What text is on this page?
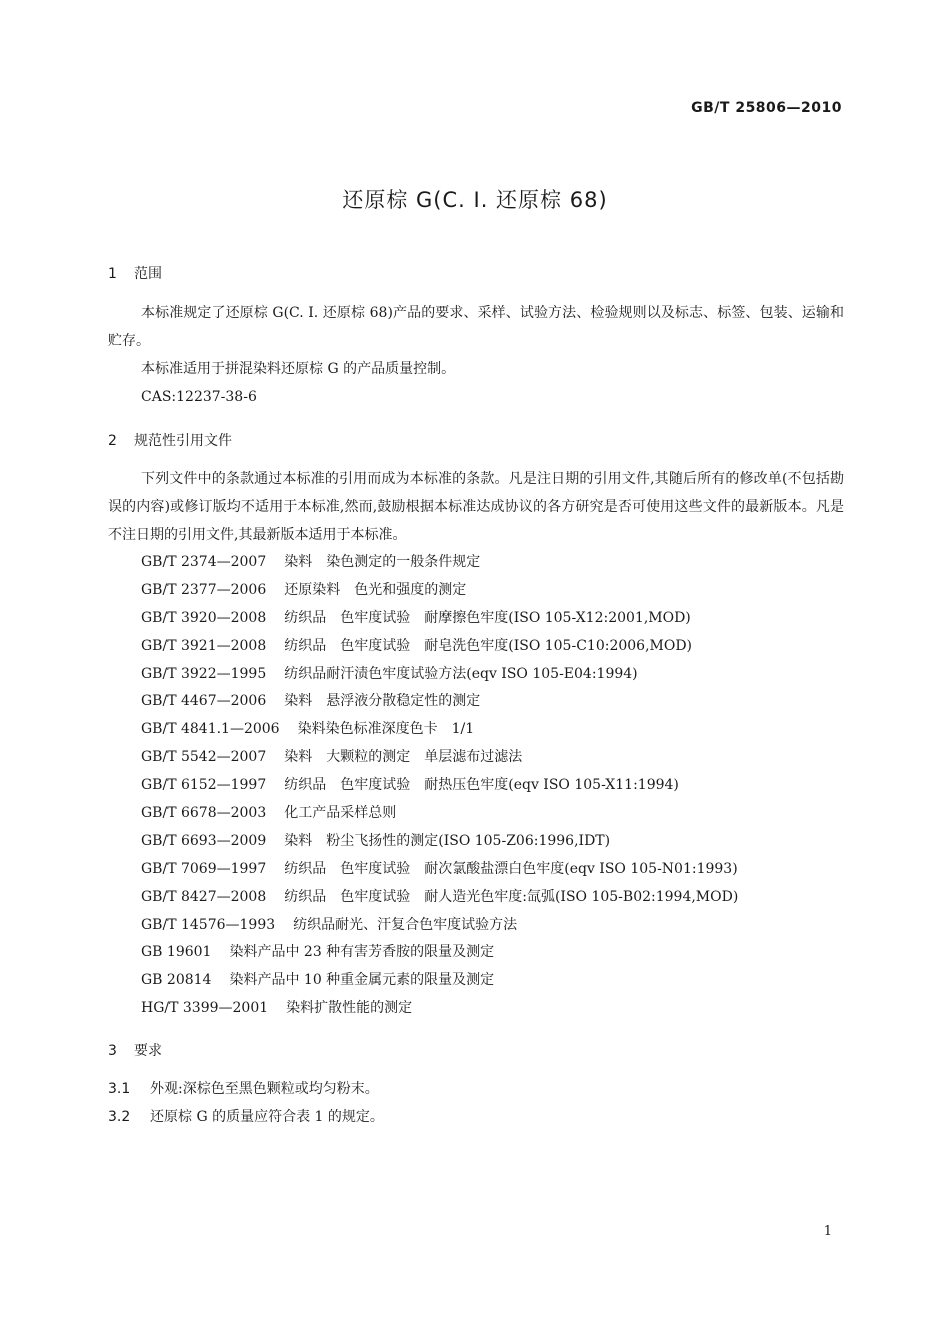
GB/T 25806—2010
还原棕 G(C. I. 还原棕 68)
1 范围

本标准规定了还原棕 G(C. I. 还原棕 68)产品的要求、采样、试验方法、检验规则以及标志、标签、包装、运输和贮存。

本标准适用于拼混染料还原棕 G 的产品质量控制。

CAS:12237-38-6
2 规范性引用文件

下列文件中的条款通过本标准的引用而成为本标准的条款。凡是注日期的引用文件,其随后所有的修改单(不包括勘误的内容)或修订版均不适用于本标准,然而,鼓励根据本标准达成协议的各方研究是否可使用这些文件的最新版本。凡是不注日期的引用文件,其最新版本适用于本标准。

GB/T 2374—2007 染料　染色测定的一般条件规定
GB/T 2377—2006 还原染料　色光和强度的测定
GB/T 3920—2008 纺织品　色牢度试验　耐摩擦色牢度(ISO 105-X12:2001,MOD)
GB/T 3921—2008 纺织品　色牢度试验　耐皂洗色牢度(ISO 105-C10:2006,MOD)
GB/T 3922—1995 纺织品耐汗渍色牢度试验方法(eqv ISO 105-E04:1994)
GB/T 4467—2006 染料　悬浮液分散稳定性的测定
GB/T 4841.1—2006 染料染色标准深度色卡　1/1
GB/T 5542—2007 染料　大颗粒的测定　单层滤布过滤法
GB/T 6152—1997 纺织品　色牢度试验　耐热压色牢度(eqv ISO 105-X11:1994)
GB/T 6678—2003 化工产品采样总则
GB/T 6693—2009 染料　粉尘飞扬性的测定(ISO 105-Z06:1996,IDT)
GB/T 7069—1997 纺织品　色牢度试验　耐次氯酸盐漂白色牢度(eqv ISO 105-N01:1993)
GB/T 8427—2008 纺织品　色牢度试验　耐人造光色牢度:氙弧(ISO 105-B02:1994,MOD)
GB/T 14576—1993 纺织品耐光、汗复合色牢度试验方法
GB 19601 染料产品中 23 种有害芳香胺的限量及测定
GB 20814 染料产品中 10 种重金属元素的限量及测定
HG/T 3399—2001 染料扩散性能的测定
3 要求
3.1 外观:深棕色至黑色颗粒或均匀粉末。
3.2 还原棕 G 的质量应符合表 1 的规定。
1
